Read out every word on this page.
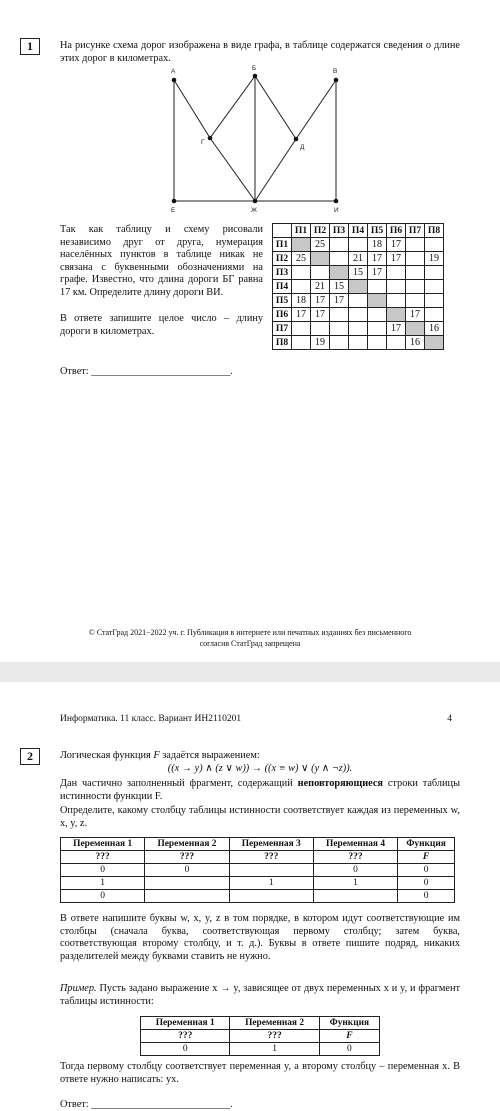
1	На рисунке схема дорог изображена в виде графа, в таблице содержатся сведения о длине этих дорог в километрах.
А	Б	В
Г
Д
Е	Ж	И
Так как таблицу и схему рисовали независимо друг от друга, нумерация населённых пунктов в таблице никак не связана с буквенными обозначениями на графе. Известно, что длина дороги БГ равна 17 км. Определите длину дороги ВИ.
В ответе запишите целое число – длину дороги в километрах.
	П1	П2	П3	П4	П5	П6	П7	П8
П1		25			18	17		
П2	25			21	17	17		19
П3				15	17			
П4		21	15					
П5	18	17	17					
П6	17	17					17	
П7						17		16
П8		19					16	
Ответ: ___________________________.
© СтатГрад 2021−2022 уч. г. Публикация в интернете или печатных изданиях без письменного
согласия СтатГрад запрещена
Информатика. 11 класс. Вариант ИН2110201	4
2	Логическая функция F задаётся выражением:
((x → y) ∧ (z ∨ w)) → ((x ≡ w) ∨ (y ∧ ¬z)).
Дан частично заполненный фрагмент, содержащий неповторяющиеся строки таблицы истинности функции F.
Определите, какому столбцу таблицы истинности соответствует каждая из переменных w, x, y, z.
Переменная 1	Переменная 2	Переменная 3	Переменная 4	Функция
???	???	???	???	F
0	0		0	0
1		1	1	0
0				0
В ответе напишите буквы w, x, y, z в том порядке, в котором идут соответствующие им столбцы (сначала буква, соответствующая первому столбцу; затем буква, соответствующая второму столбцу, и т. д.). Буквы в ответе пишите подряд, никаких разделителей между буквами ставить не нужно.
Пример. Пусть задано выражение x → y, зависящее от двух переменных x и y, и фрагмент таблицы истинности:
Переменная 1	Переменная 2	Функция
???	???	F
0	1	0
Тогда первому столбцу соответствует переменная y, а второму столбцу – переменная x. В ответе нужно написать: yx.
Ответ: ___________________________.
